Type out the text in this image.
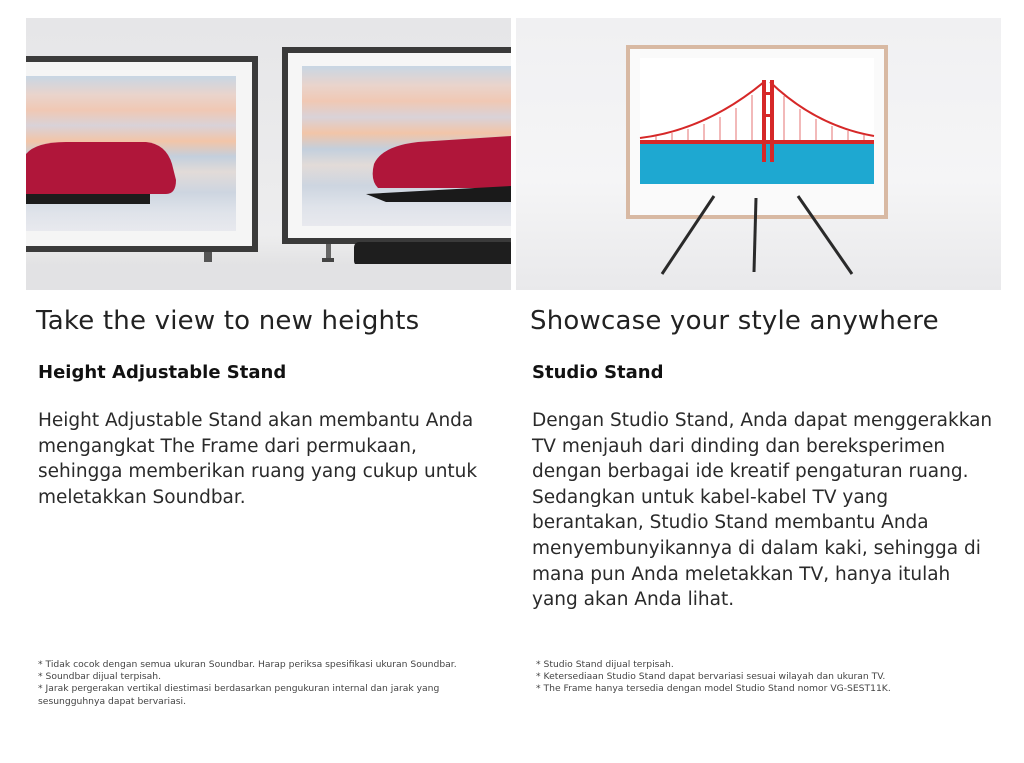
Take the view to new heights
Height Adjustable Stand

Height Adjustable Stand akan membantu Anda
mengangkat The Frame dari permukaan,
sehingga memberikan ruang yang cukup untuk
meletakkan Soundbar.

* Tidak cocok dengan semua ukuran Soundbar. Harap periksa spesifikasi ukuran Soundbar.
* Soundbar dijual terpisah.
* Jarak pergerakan vertikal diestimasi berdasarkan pengukuran internal dan jarak yang
sesungguhnya dapat bervariasi.
Showcase your style anywhere
Studio Stand

Dengan Studio Stand, Anda dapat menggerakkan
TV menjauh dari dinding dan bereksperimen
dengan berbagai ide kreatif pengaturan ruang.
Sedangkan untuk kabel-kabel TV yang
berantakan, Studio Stand membantu Anda
menyembunyikannya di dalam kaki, sehingga di
mana pun Anda meletakkan TV, hanya itulah
yang akan Anda lihat.

* Studio Stand dijual terpisah.
* Ketersediaan Studio Stand dapat bervariasi sesuai wilayah dan ukuran TV.
* The Frame hanya tersedia dengan model Studio Stand nomor VG-SEST11K.
